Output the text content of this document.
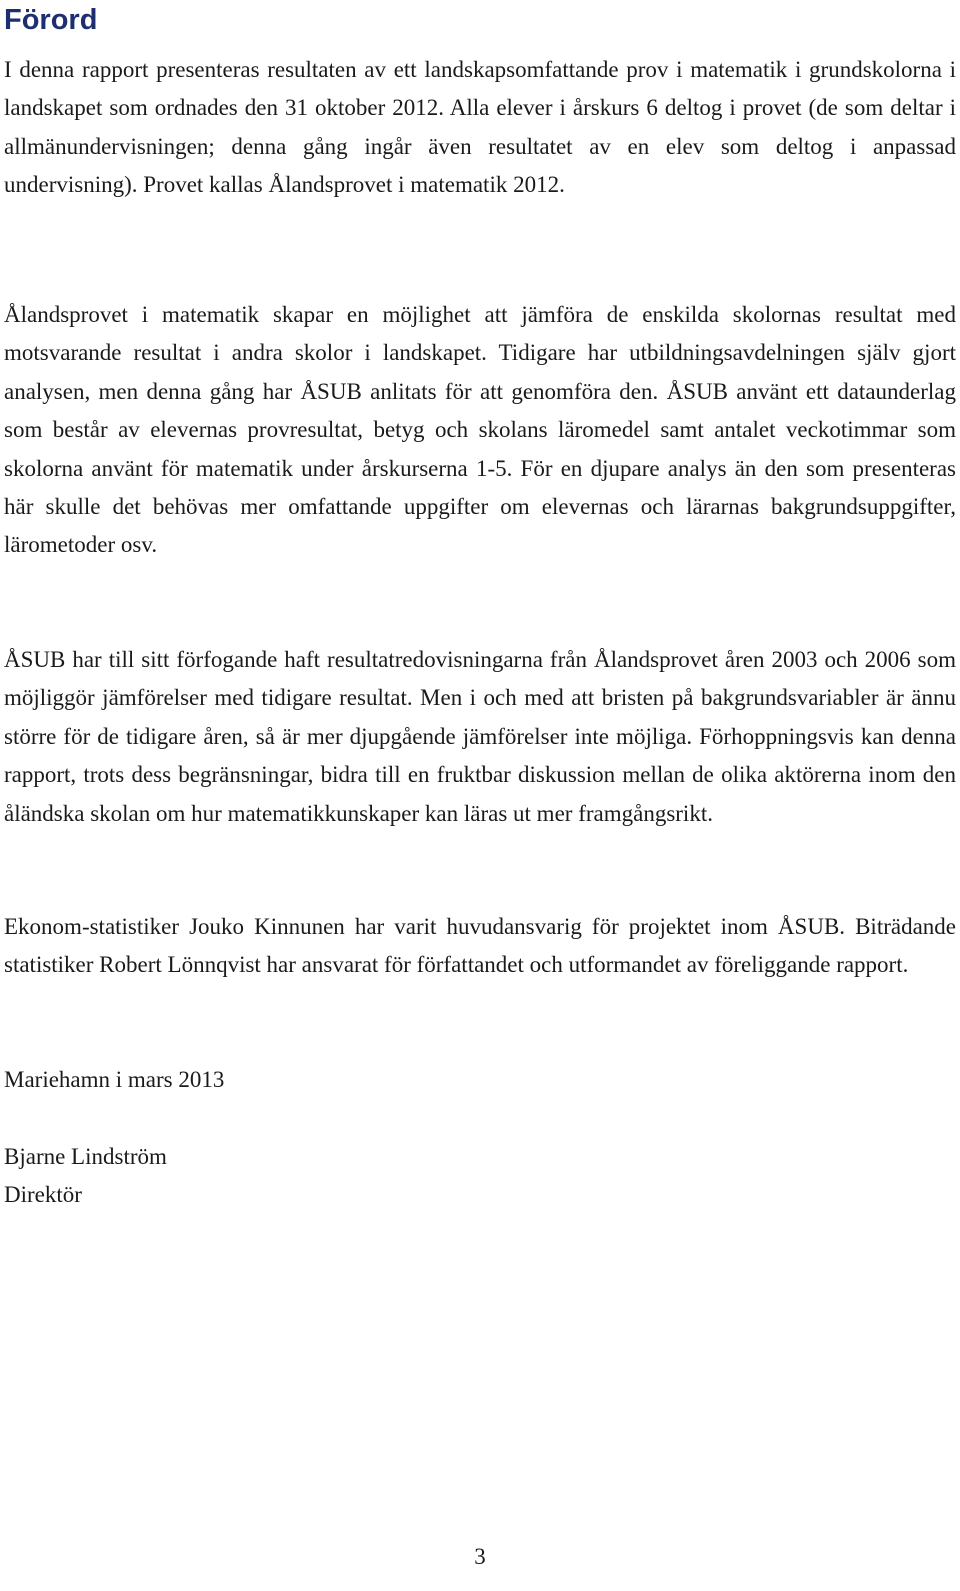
Förord

I denna rapport presenteras resultaten av ett landskapsomfattande prov i matematik i grundskolorna i landskapet som ordnades den 31 oktober 2012. Alla elever i årskurs 6 deltog i provet (de som deltar i allmänundervisningen; denna gång ingår även resultatet av en elev som deltog i anpassad undervisning). Provet kallas Ålandsprovet i matematik 2012.

Ålandsprovet i matematik skapar en möjlighet att jämföra de enskilda skolornas resultat med motsvarande resultat i andra skolor i landskapet. Tidigare har utbildningsavdelningen själv gjort analysen, men denna gång har ÅSUB anlitats för att genomföra den. ÅSUB använt ett dataunderlag som består av elevernas provresultat, betyg och skolans läromedel samt antalet veckotimmar som skolorna använt för matematik under årskurserna 1-5. För en djupare analys än den som presenteras här skulle det behövas mer omfattande uppgifter om elevernas och lärarnas bakgrundsuppgifter, lärometoder osv.

ÅSUB har till sitt förfogande haft resultatredovisningarna från Ålandsprovet åren 2003 och 2006 som möjliggör jämförelser med tidigare resultat. Men i och med att bristen på bakgrundsvariabler är ännu större för de tidigare åren, så är mer djupgående jämförelser inte möjliga. Förhoppningsvis kan denna rapport, trots dess begränsningar, bidra till en fruktbar diskussion mellan de olika aktörerna inom den åländska skolan om hur matematikkunskaper kan läras ut mer framgångsrikt.

Ekonom-statistiker Jouko Kinnunen har varit huvudansvarig för projektet inom ÅSUB. Biträdande statistiker Robert Lönnqvist har ansvarat för författandet och utformandet av föreliggande rapport.

Mariehamn i mars 2013

Bjarne Lindström

Direktör

3
